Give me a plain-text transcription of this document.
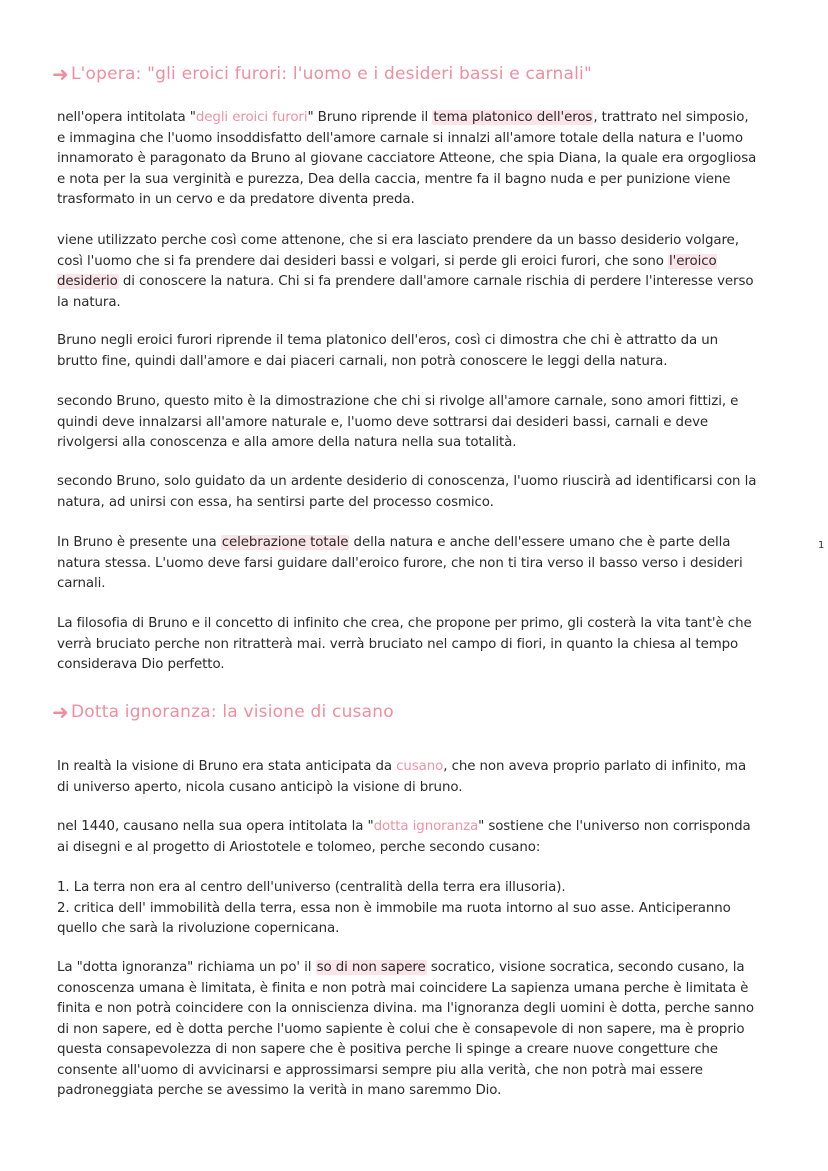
➜ L'opera: "gli eroici furori: l'uomo e i desideri bassi e carnali"

nell'opera intitolata "degli eroici furori" Bruno riprende il tema platonico dell'eros, trattrato nel simposio, e immagina che l'uomo insoddisfatto dell'amore carnale si innalzi all'amore totale della natura e l'uomo innamorato è paragonato da Bruno al giovane cacciatore Atteone, che spia Diana, la quale era orgogliosa e nota per la sua verginità e purezza, Dea della caccia, mentre fa il bagno nuda e per punizione viene trasformato in un cervo e da predatore diventa preda.

viene utilizzato perche così come attenone, che si era lasciato prendere da un basso desiderio volgare, così l'uomo che si fa prendere dai desideri bassi e volgari, si perde gli eroici furori, che sono l'eroico desiderio di conoscere la natura. Chi si fa prendere dall'amore carnale rischia di perdere l'interesse verso la natura.

Bruno negli eroici furori riprende il tema platonico dell'eros, così ci dimostra che chi è attratto da un brutto fine, quindi dall'amore e dai piaceri carnali, non potrà conoscere le leggi della natura.

secondo Bruno, questo mito è la dimostrazione che chi si rivolge all'amore carnale, sono amori fittizi, e quindi deve innalzarsi all'amore naturale e, l'uomo deve sottrarsi dai desideri bassi, carnali e deve rivolgersi alla conoscenza e alla amore della natura nella sua totalità.

secondo Bruno, solo guidato da un ardente desiderio di conoscenza, l'uomo riuscirà ad identificarsi con la natura, ad unirsi con essa, ha sentirsi parte del processo cosmico.

In Bruno è presente una celebrazione totale della natura e anche dell'essere umano che è parte della natura stessa. L'uomo deve farsi guidare dall'eroico furore, che non ti tira verso il basso verso i desideri carnali.

La filosofia di Bruno e il concetto di infinito che crea, che propone per primo, gli costerà la vita tant'è che verrà bruciato perche non ritratterà mai. verrà bruciato nel campo di fiori, in quanto la chiesa al tempo considerava Dio perfetto.

➜ Dotta ignoranza: la visione di cusano

In realtà la visione di Bruno era stata anticipata da cusano, che non aveva proprio parlato di infinito, ma di universo aperto, nicola cusano anticipò la visione di bruno.

nel 1440, causano nella sua opera intitolata la "dotta ignoranza" sostiene che l'universo non corrisponda ai disegni e al progetto di Ariostotele e tolomeo, perche secondo cusano:

1. La terra non era al centro dell'universo (centralità della terra era illusoria).
2. critica dell' immobilità della terra, essa non è immobile ma ruota intorno al suo asse. Anticiperanno quello che sarà la rivoluzione copernicana.

La "dotta ignoranza" richiama un po' il so di non sapere socratico, visione socratica, secondo cusano, la conoscenza umana è limitata, è finita e non potrà mai coincidere La sapienza umana perche è limitata è finita e non potrà coincidere con la onniscienza divina. ma l'ignoranza degli uomini è dotta, perche sanno di non sapere, ed è dotta perche l'uomo sapiente è colui che è consapevole di non sapere, ma è proprio questa consapevolezza di non sapere che è positiva perche li spinge a creare nuove congetture che consente all'uomo di avvicinarsi e approssimarsi sempre piu alla verità, che non potrà mai essere padroneggiata perche se avessimo la verità in mano saremmo Dio.

1
